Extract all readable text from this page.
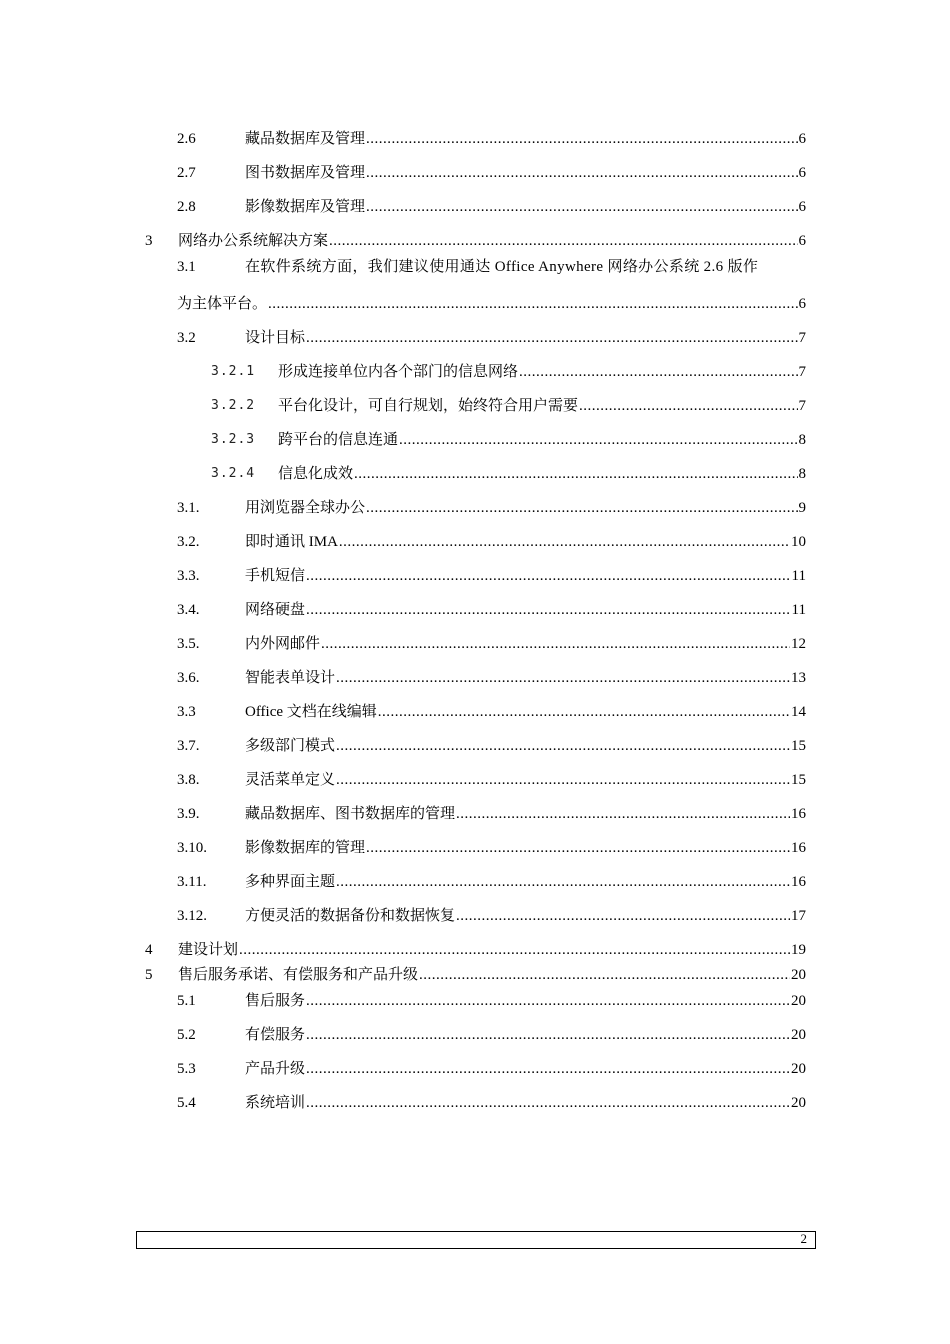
2.6	藏品数据库及管理 .....	6
2.7	图书数据库及管理 .....	6
2.8	影像数据库及管理 .....	6
3 网络办公系统解决方案 .....	6
3.1	在软件系统方面，我们建议使用通达 Office Anywhere 网络办公系统 2.6 版作
为主体平台。 .....	6
3.2	设计目标 .....	7
3.2.1 形成连接单位内各个部门的信息网络 .....	7
3.2.2 平台化设计，可自行规划，始终符合用户需要 .....	7
3.2.3 跨平台的信息连通 .....	8
3.2.4 信息化成效 .....	8
3.1.	用浏览器全球办公 .....	9
3.2.	即时通讯 IMA .....	10
3.3.	手机短信 .....	11
3.4.	网络硬盘 .....	11
3.5.	内外网邮件 .....	12
3.6.	智能表单设计 .....	13
3.3	Office 文档在线编辑 .....	14
3.7.	多级部门模式 .....	15
3.8.	灵活菜单定义 .....	15
3.9.	藏品数据库、图书数据库的管理 .....	16
3.10.	影像数据库的管理 .....	16
3.11.	多种界面主题 .....	16
3.12.	方便灵活的数据备份和数据恢复 .....	17
4 建设计划 .....	19
5 售后服务承诺、有偿服务和产品升级 .....	20
5.1	售后服务 .....	20
5.2	有偿服务 .....	20
5.3	产品升级 .....	20
5.4	系统培训 .....	20
2
